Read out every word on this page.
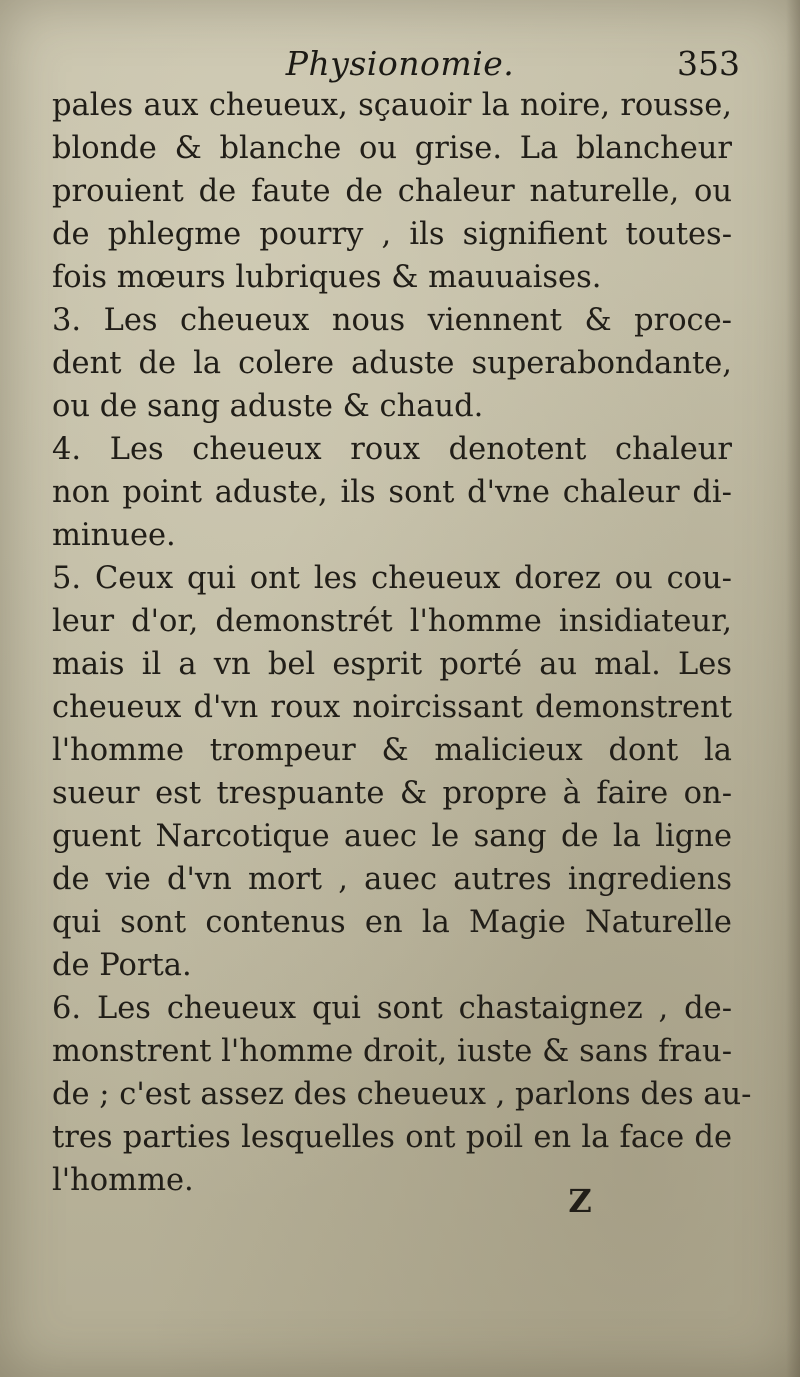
Physionomie.	353
pales aux cheueux, sçauoir la noire, rousse,
blonde & blanche ou grise. La blancheur
prouient de faute de chaleur naturelle, ou
de phlegme pourry , ils signifient toutes-
fois mœurs lubriques & mauuaises.
3. Les cheueux nous viennent & proce-
dent de la colere aduste superabondante,
ou de sang aduste & chaud.
4. Les cheueux roux denotent chaleur
non point aduste, ils sont d'vne chaleur di-
minuee.
5. Ceux qui ont les cheueux dorez ou cou-
leur d'or, demonstrét l'homme insidiateur,
mais il a vn bel esprit porté au mal. Les
cheueux d'vn roux noircissant demonstrent
l'homme trompeur & malicieux dont la
sueur est trespuante & propre à faire on-
guent Narcotique auec le sang de la ligne
de vie d'vn mort , auec autres ingrediens
qui sont contenus en la Magie Naturelle
de Porta.
6. Les cheueux qui sont chastaignez , de-
monstrent l'homme droit, iuste & sans frau-
de ; c'est assez des cheueux , parlons des au-
tres parties lesquelles ont poil en la face de
l'homme.
Z
